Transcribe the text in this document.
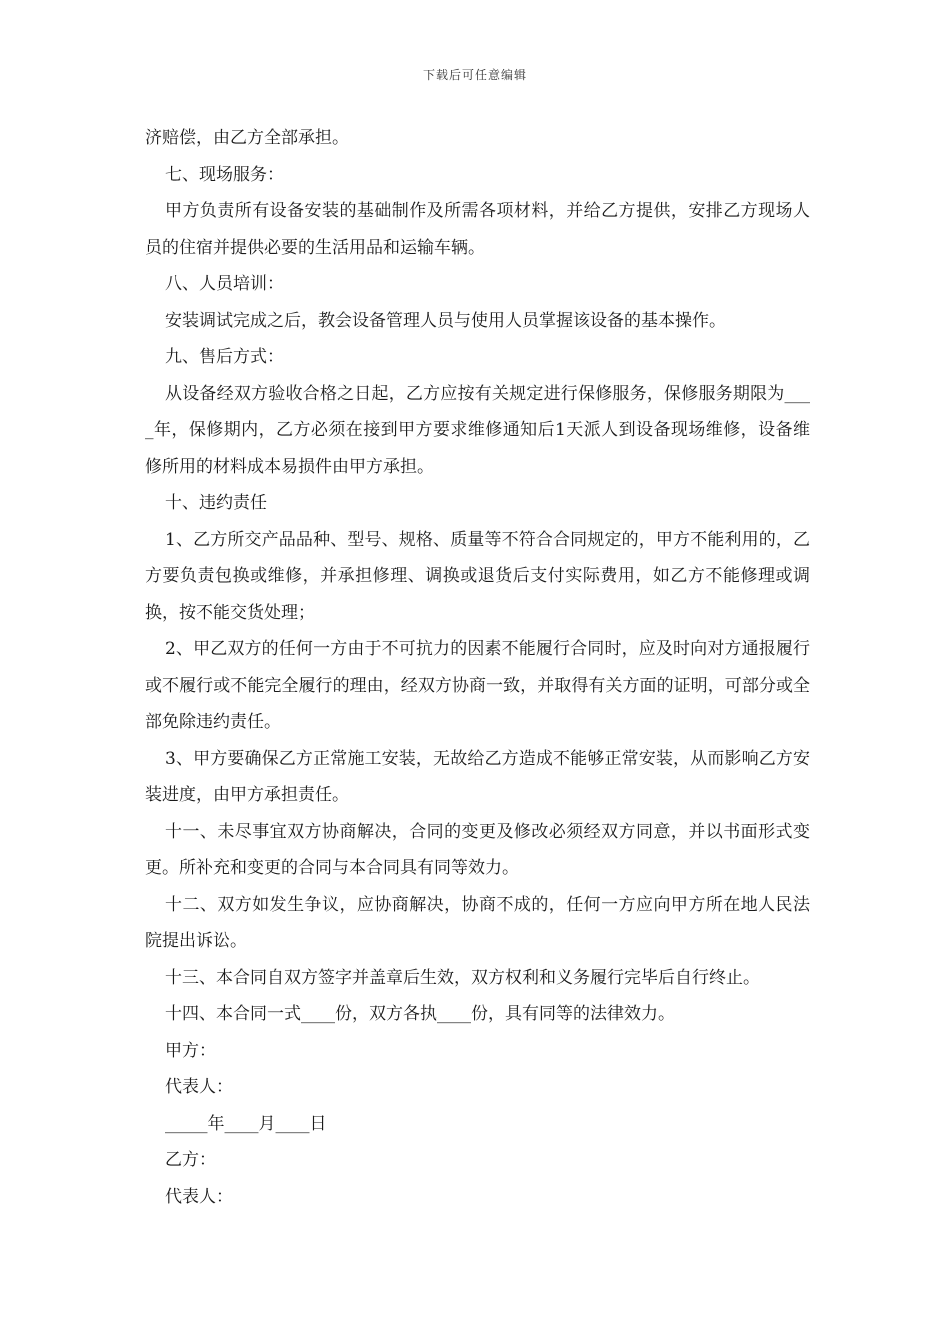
下载后可任意编辑

济赔偿，由乙方全部承担。

七、现场服务：

甲方负责所有设备安装的基础制作及所需各项材料，并给乙方提供，安排乙方现场人员的住宿并提供必要的生活用品和运输车辆。

八、人员培训：

安装调试完成之后，教会设备管理人员与使用人员掌握该设备的基本操作。

九、售后方式：

从设备经双方验收合格之日起，乙方应按有关规定进行保修服务，保修服务期限为____年，保修期内，乙方必须在接到甲方要求维修通知后1天派人到设备现场维修，设备维修所用的材料成本易损件由甲方承担。

十、违约责任

1、乙方所交产品品种、型号、规格、质量等不符合合同规定的，甲方不能利用的，乙方要负责包换或维修，并承担修理、调换或退货后支付实际费用，如乙方不能修理或调换，按不能交货处理；

2、甲乙双方的任何一方由于不可抗力的因素不能履行合同时，应及时向对方通报履行或不履行或不能完全履行的理由，经双方协商一致，并取得有关方面的证明，可部分或全部免除违约责任。

3、甲方要确保乙方正常施工安装，无故给乙方造成不能够正常安装，从而影响乙方安装进度，由甲方承担责任。

十一、未尽事宜双方协商解决，合同的变更及修改必须经双方同意，并以书面形式变更。所补充和变更的合同与本合同具有同等效力。

十二、双方如发生争议，应协商解决，协商不成的，任何一方应向甲方所在地人民法院提出诉讼。

十三、本合同自双方签字并盖章后生效，双方权利和义务履行完毕后自行终止。

十四、本合同一式____份，双方各执____份，具有同等的法律效力。

甲方：

代表人：

_____年____月____日

乙方：

代表人：
